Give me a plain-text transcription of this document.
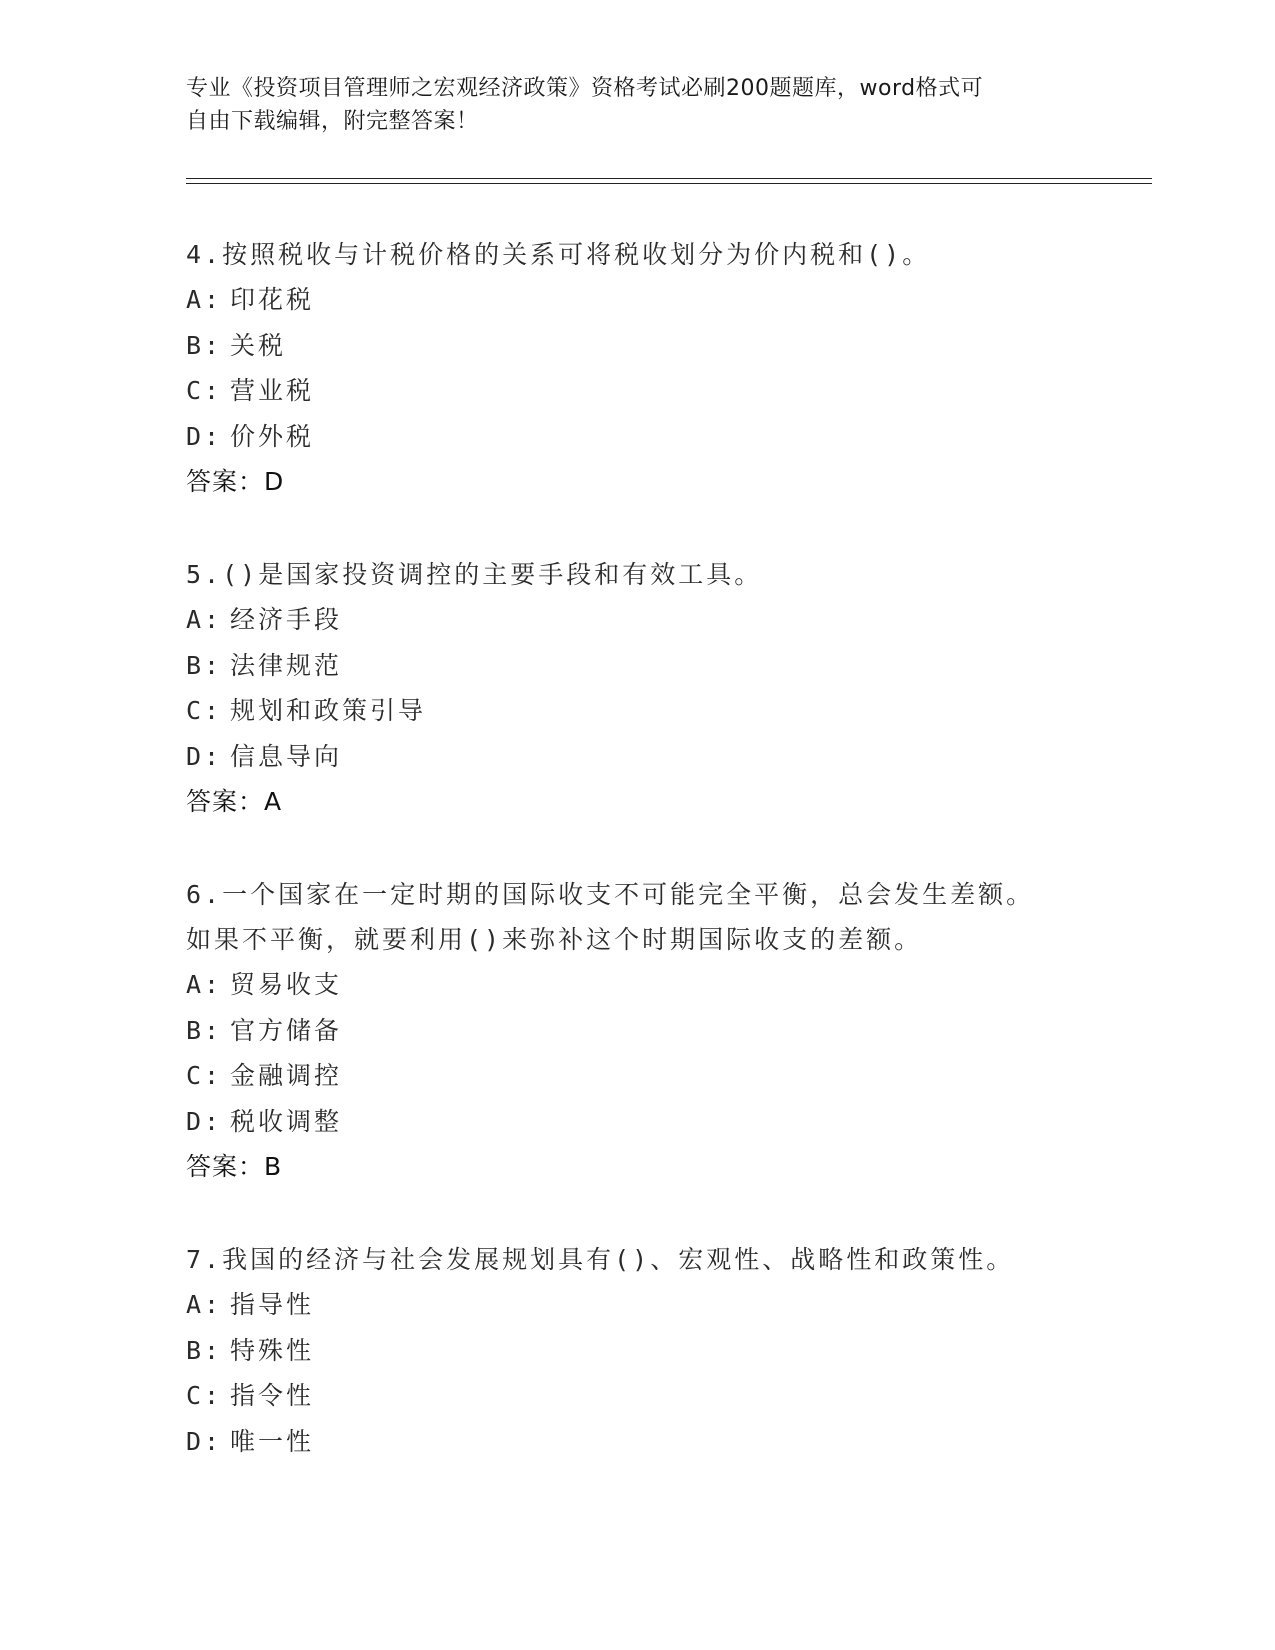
专业《投资项目管理师之宏观经济政策》资格考试必刷200题题库，word格式可
自由下载编辑，附完整答案！
4.按照税收与计税价格的关系可将税收划分为价内税和()。
A: 印花税
B: 关税
C: 营业税
D: 价外税
答案：D
5.()是国家投资调控的主要手段和有效工具。
A: 经济手段
B: 法律规范
C: 规划和政策引导
D: 信息导向
答案：A
6.一个国家在一定时期的国际收支不可能完全平衡，总会发生差额。
如果不平衡，就要利用()来弥补这个时期国际收支的差额。
A: 贸易收支
B: 官方储备
C: 金融调控
D: 税收调整
答案：B
7.我国的经济与社会发展规划具有()、宏观性、战略性和政策性。
A: 指导性
B: 特殊性
C: 指令性
D: 唯一性
